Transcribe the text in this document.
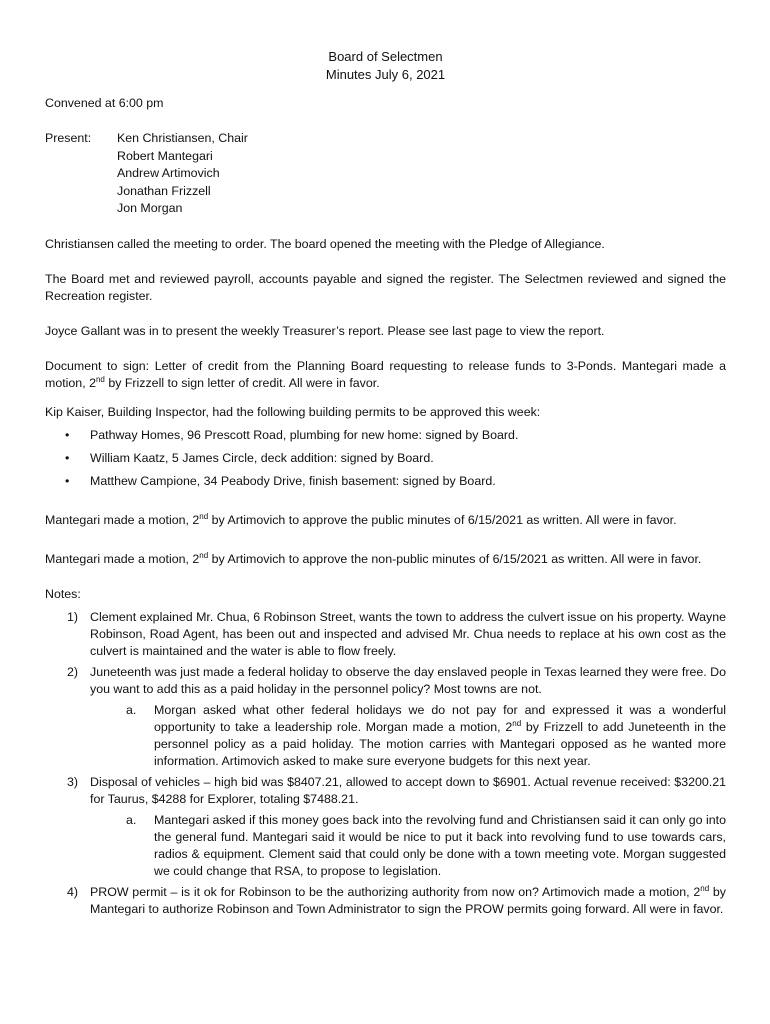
Board of Selectmen
Minutes July 6, 2021

Convened at 6:00 pm

Present:	Ken Christiansen, Chair
Robert Mantegari
Andrew Artimovich
Jonathan Frizzell
Jon Morgan

Christiansen called the meeting to order. The board opened the meeting with the Pledge of Allegiance.

The Board met and reviewed payroll, accounts payable and signed the register. The Selectmen reviewed and signed the Recreation register.

Joyce Gallant was in to present the weekly Treasurer’s report. Please see last page to view the report.

Document to sign: Letter of credit from the Planning Board requesting to release funds to 3-Ponds. Mantegari made a motion, 2nd by Frizzell to sign letter of credit. All were in favor.

Kip Kaiser, Building Inspector, had the following building permits to be approved this week:

•	Pathway Homes, 96 Prescott Road, plumbing for new home: signed by Board.
•	William Kaatz, 5 James Circle, deck addition: signed by Board.
•	Matthew Campione, 34 Peabody Drive, finish basement: signed by Board.

Mantegari made a motion, 2nd by Artimovich to approve the public minutes of 6/15/2021 as written. All were in favor.

Mantegari made a motion, 2nd by Artimovich to approve the non-public minutes of 6/15/2021 as written. All were in favor.

Notes:

1) Clement explained Mr. Chua, 6 Robinson Street, wants the town to address the culvert issue on his property. Wayne Robinson, Road Agent, has been out and inspected and advised Mr. Chua needs to replace at his own cost as the culvert is maintained and the water is able to flow freely.
2) Juneteenth was just made a federal holiday to observe the day enslaved people in Texas learned they were free. Do you want to add this as a paid holiday in the personnel policy? Most towns are not.
a.	Morgan asked what other federal holidays we do not pay for and expressed it was a wonderful opportunity to take a leadership role. Morgan made a motion, 2nd by Frizzell to add Juneteenth in the personnel policy as a paid holiday. The motion carries with Mantegari opposed as he wanted more information. Artimovich asked to make sure everyone budgets for this next year.
3) Disposal of vehicles – high bid was $8407.21, allowed to accept down to $6901. Actual revenue received: $3200.21 for Taurus, $4288 for Explorer, totaling $7488.21.
a.	Mantegari asked if this money goes back into the revolving fund and Christiansen said it can only go into the general fund. Mantegari said it would be nice to put it back into revolving fund to use towards cars, radios & equipment. Clement said that could only be done with a town meeting vote. Morgan suggested we could change that RSA, to propose to legislation.
4) PROW permit – is it ok for Robinson to be the authorizing authority from now on? Artimovich made a motion, 2nd by Mantegari to authorize Robinson and Town Administrator to sign the PROW permits going forward. All were in favor.
